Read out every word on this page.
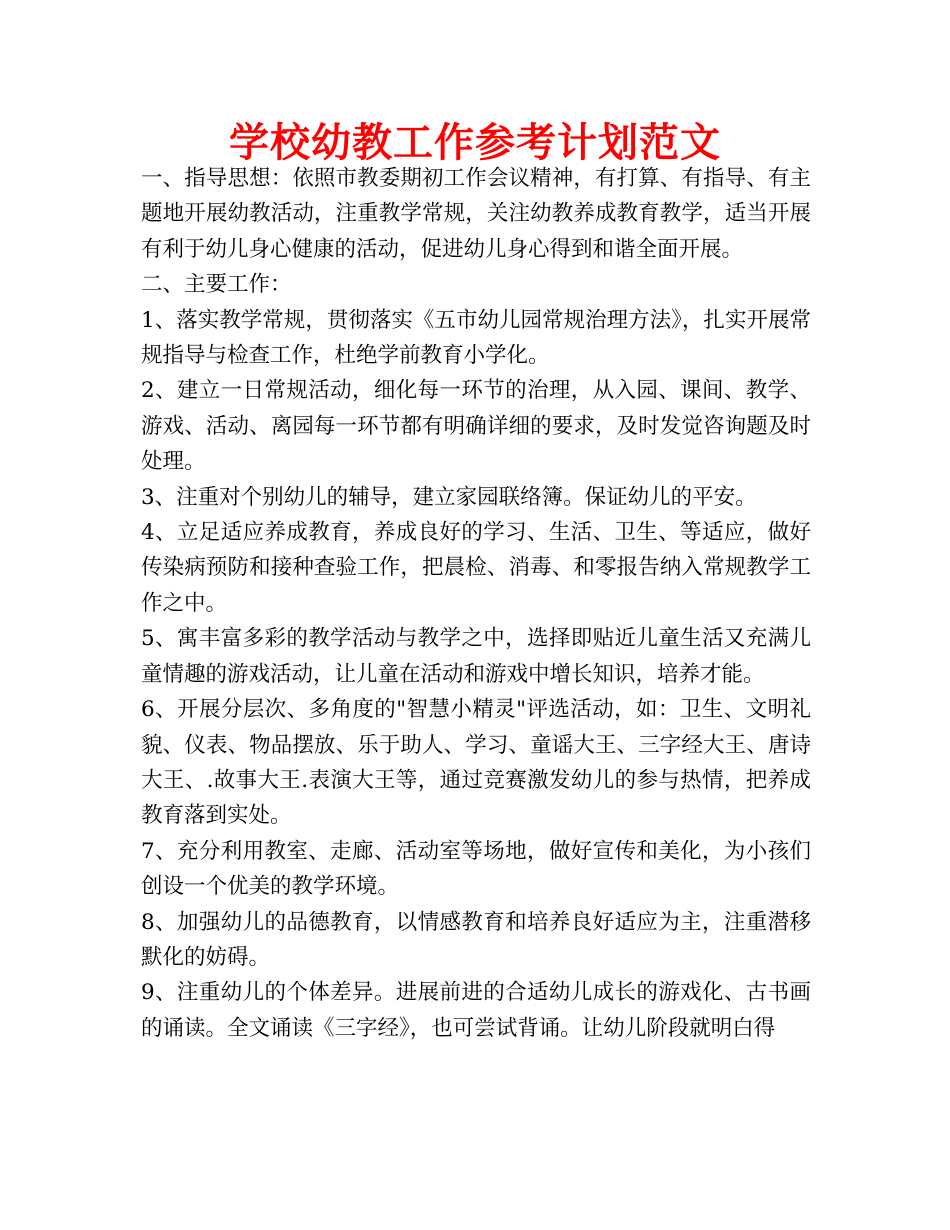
学校幼教工作参考计划范文

一、指导思想：依照市教委期初工作会议精神，有打算、有指导、有主题地开展幼教活动，注重教学常规，关注幼教养成教育教学，适当开展有利于幼儿身心健康的活动，促进幼儿身心得到和谐全面开展。

二、主要工作：

1、落实教学常规，贯彻落实《五市幼儿园常规治理方法》，扎实开展常规指导与检查工作，杜绝学前教育小学化。

2、建立一日常规活动，细化每一环节的治理，从入园、课间、教学、游戏、活动、离园每一环节都有明确详细的要求，及时发觉咨询题及时处理。

3、注重对个别幼儿的辅导，建立家园联络簿。保证幼儿的平安。

4、立足适应养成教育，养成良好的学习、生活、卫生、等适应，做好传染病预防和接种查验工作，把晨检、消毒、和零报告纳入常规教学工作之中。

5、寓丰富多彩的教学活动与教学之中，选择即贴近儿童生活又充满儿童情趣的游戏活动，让儿童在活动和游戏中增长知识，培养才能。

6、开展分层次、多角度的"智慧小精灵"评选活动，如：卫生、文明礼貌、仪表、物品摆放、乐于助人、学习、童谣大王、三字经大王、唐诗大王、.故事大王.表演大王等，通过竞赛激发幼儿的参与热情，把养成教育落到实处。

7、充分利用教室、走廊、活动室等场地，做好宣传和美化，为小孩们创设一个优美的教学环境。

8、加强幼儿的品德教育，以情感教育和培养良好适应为主，注重潜移默化的妨碍。

9、注重幼儿的个体差异。进展前进的合适幼儿成长的游戏化、古书画的诵读。全文诵读《三字经》，也可尝试背诵。让幼儿阶段就明白得
